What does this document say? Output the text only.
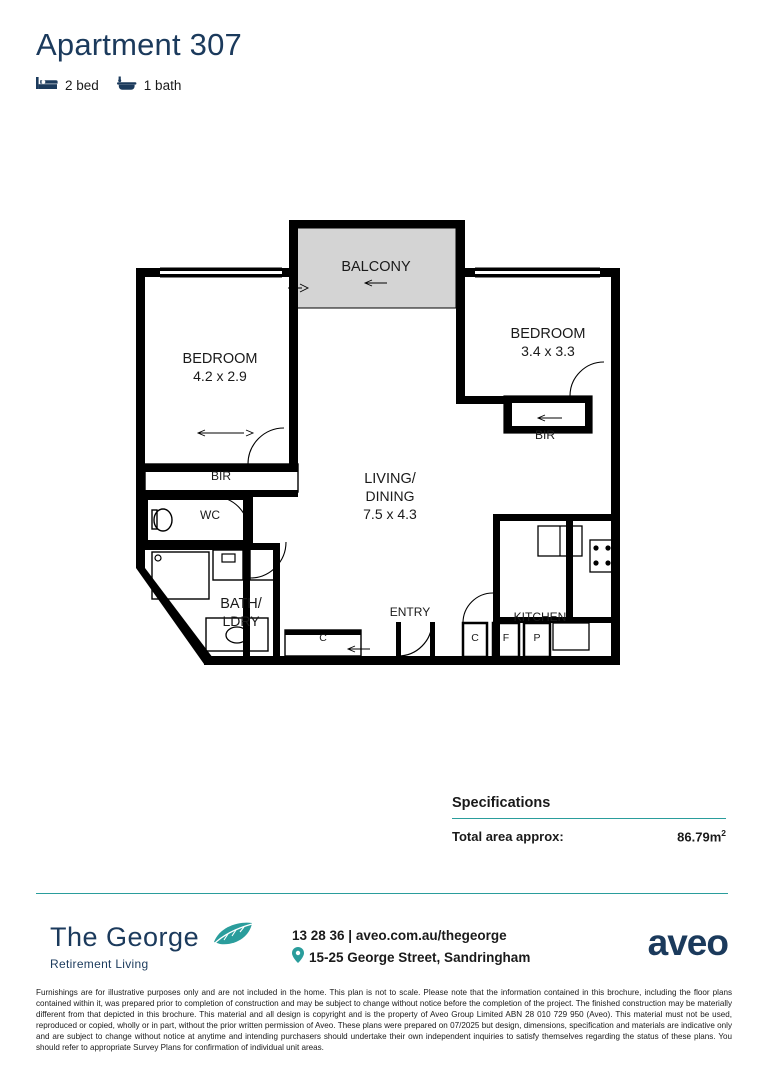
Apartment 307
2 bed	1 bath
BALCONY
BEDROOM
4.2 x 2.9
BEDROOM
3.4 x 3.3
LIVING/
DINING
7.5 x 4.3
BIR
BIR
WC
BATH/
LDRY
ENTRY	KITCHEN
C	C	F	P
Specifications
Total area approx:	$86.79m^2$
The George
Retirement Living
13 28 36 | aveo.com.au/thegeorge
15-25 George Street, Sandringham	aveo
Furnishings are for illustrative purposes only and are not included in the home. This plan is not to scale. Please note that the information contained in this brochure, including the floor plans contained within it, was prepared prior to completion of construction and may be subject to change without notice before the completion of the project. The finished construction may be materially different from that depicted in this brochure. This material and all design is copyright and is the property of Aveo Group Limited ABN 28 010 729 950 (Aveo). This material must not be used, reproduced or copied, wholly or in part, without the prior written permission of Aveo. These plans were prepared on 07/2025 but design, dimensions, specification and materials are indicative only and are subject to change without notice at anytime and intending purchasers should undertake their own independent inquiries to satisfy themselves regarding the status of these plans. You should refer to appropriate Survey Plans for confirmation of individual unit areas.
